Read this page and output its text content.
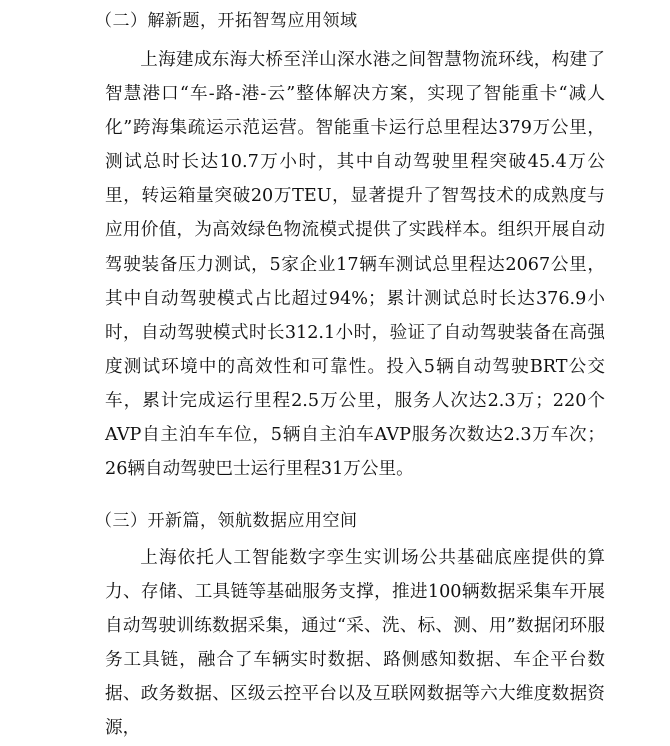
（二）解新题，开拓智驾应用领域

上海建成东海大桥至洋山深水港之间智慧物流环线，构建了智慧港口“车-路-港-云”整体解决方案，实现了智能重卡“减人化”跨海集疏运示范运营。智能重卡运行总里程达379万公里，测试总时长达10.7万小时，其中自动驾驶里程突破45.4万公里，转运箱量突破20万TEU，显著提升了智驾技术的成熟度与应用价值，为高效绿色物流模式提供了实践样本。组织开展自动驾驶装备压力测试，5家企业17辆车测试总里程达2067公里，其中自动驾驶模式占比超过94%；累计测试总时长达376.9小时，自动驾驶模式时长312.1小时，验证了自动驾驶装备在高强度测试环境中的高效性和可靠性。投入5辆自动驾驶BRT公交车，累计完成运行里程2.5万公里，服务人次达2.3万；220个AVP自主泊车车位，5辆自主泊车AVP服务次数达2.3万车次；26辆自动驾驶巴士运行里程31万公里。

（三）开新篇，领航数据应用空间

上海依托人工智能数字孪生实训场公共基础底座提供的算力、存储、工具链等基础服务支撑，推进100辆数据采集车开展自动驾驶训练数据采集，通过“采、洗、标、测、用”数据闭环服务工具链，融合了车辆实时数据、路侧感知数据、车企平台数据、政务数据、区级云控平台以及互联网数据等六大维度数据资源，
